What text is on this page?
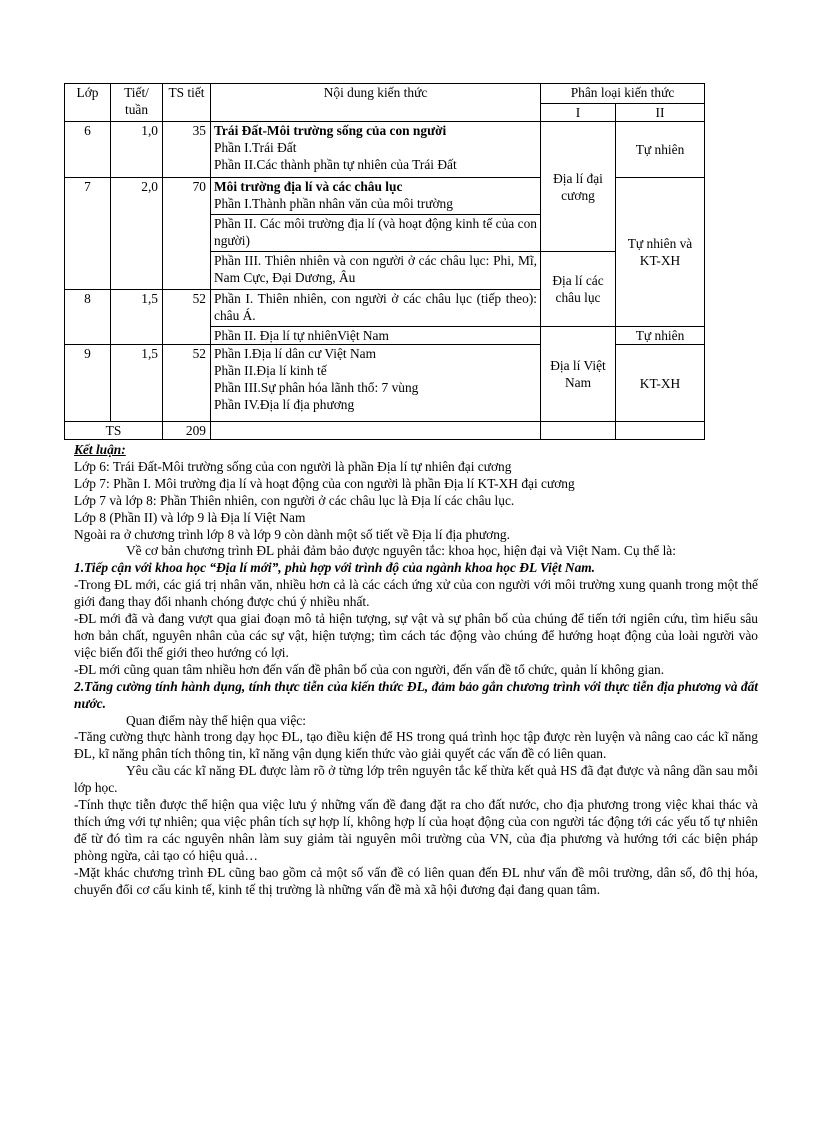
Lớp	Tiết/ tuần	TS tiết	Nội dung kiến thức	Phân loại kiến thức	
				I	II
6	1,0	35	Trái Đất-Môi trường sống của con người
Phần I.Trái Đất
Phần II.Các thành phần tự nhiên của Trái Đất	Địa lí đại cương	Tự nhiên
7	2,0	70	Môi trường địa lí và các châu lục
Phần I.Thành phần nhân văn của môi trường		Tự nhiên và KT-XH
			Phần II. Các môi trường địa lí (và hoạt động kinh tế của con người)		
			Phần III. Thiên nhiên và con người ở các châu lục: Phi, Mĩ, Nam Cực, Đại Dương, Âu	Địa lí các châu lục	
8	1,5	52	Phần I. Thiên nhiên, con người ở các châu lục (tiếp theo): châu Á.		
			Phần II. Địa lí tự nhiênViệt Nam	Địa lí Việt Nam	Tự nhiên
9	1,5	52	Phần I.Địa lí dân cư Việt Nam
Phần II.Địa lí kinh tế
Phần III.Sự phân hóa lãnh thổ: 7 vùng
Phần IV.Địa lí địa phương		KT-XH
TS		209			

Kết luận:

Lớp 6: Trái Đất-Môi trường sống của con người là phần Địa lí tự nhiên đại cương

Lớp 7: Phần I. Môi trường địa lí và hoạt động của con người là phần Địa lí KT-XH đại cương

Lớp 7 và lớp 8: Phần Thiên nhiên, con người ở các châu lục là Địa lí các châu lục.

Lớp 8 (Phần II) và lớp 9 là Địa lí Việt Nam

Ngoài ra ở chương trình lớp 8 và lớp 9 còn dành một số tiết về Địa lí địa phương.

Về cơ bản chương trình ĐL phải đảm bảo được nguyên tắc: khoa học, hiện đại và Việt Nam. Cụ thể là:

1.Tiếp cận với khoa học “Địa lí mới”, phù hợp với trình độ của ngành khoa học ĐL Việt Nam.

-Trong ĐL mới, các giá trị nhân văn, nhiều hơn cả là các cách ứng xử của con người với môi trường xung quanh trong một thế giới đang thay đổi nhanh chóng được chú ý nhiều nhất.

-ĐL mới đã và đang vượt qua giai đoạn mô tả hiện tượng, sự vật và sự phân bố của chúng để tiến tới ngiên cứu, tìm hiểu sâu hơn bản chất, nguyên nhân của các sự vật, hiện tượng; tìm cách tác động vào chúng để hướng hoạt động của loài người vào việc biến đổi thế giới theo hướng có lợi.

-ĐL mới cũng quan tâm nhiều hơn đến vấn đề phân bố của con người, đến vấn đề tổ chức, quản lí không gian.

2.Tăng cường tính hành dụng, tính thực tiễn của kiến thức ĐL, đảm bảo gắn chương trình với thực tiễn địa phương và đất nước.

Quan điểm này thể hiện qua việc:

-Tăng cường thực hành trong dạy học ĐL, tạo điều kiện để HS trong quá trình học tập được rèn luyện và nâng cao các kĩ năng ĐL, kĩ năng phân tích thông tin, kĩ năng vận dụng kiến thức vào giải quyết các vấn đề có liên quan.

Yêu cầu các kĩ năng ĐL được làm rõ ở từng lớp trên nguyên tắc kế thừa kết quả HS đã đạt được và nâng dần sau mỗi lớp học.

-Tính thực tiễn được thể hiện qua việc lưu ý những vấn đề đang đặt ra cho đất nước, cho địa phương trong việc khai thác và thích ứng với tự nhiên; qua việc phân tích sự hợp lí, không hợp lí của hoạt động của con người tác động tới các yếu tố tự nhiên để từ đó tìm ra các nguyên nhân làm suy giảm tài nguyên môi trường của VN, của địa phương và hướng tới các biện pháp phòng ngừa, cải tạo có hiệu quả…

-Mặt khác chương trình ĐL cũng bao gồm cả một số vấn đề có liên quan đến ĐL như vấn đề môi trường, dân số, đô thị hóa, chuyển đổi cơ cấu kinh tế, kinh tế thị trường là những vấn đề mà xã hội đương đại đang quan tâm.
